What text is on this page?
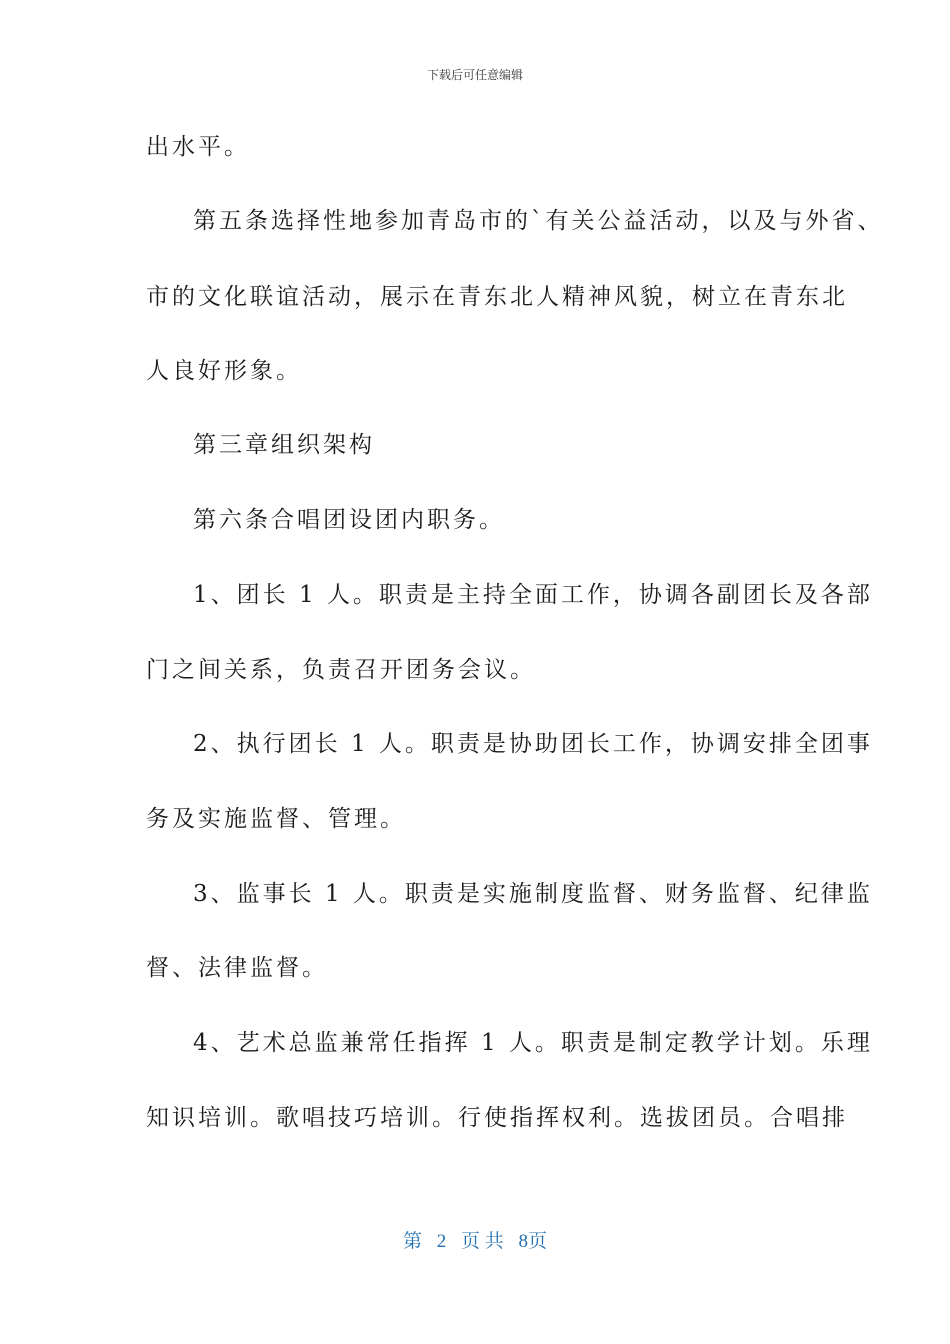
下载后可任意编辑
出水平。
第五条选择性地参加青岛市的`有关公益活动，以及与外省、
市的文化联谊活动，展示在青东北人精神风貌，树立在青东北
人良好形象。
第三章组织架构
第六条合唱团设团内职务。
1、团长 1 人。职责是主持全面工作，协调各副团长及各部
门之间关系，负责召开团务会议。
2、执行团长 1 人。职责是协助团长工作，协调安排全团事
务及实施监督、管理。
3、监事长 1 人。职责是实施制度监督、财务监督、纪律监
督、法律监督。
4、艺术总监兼常任指挥 1 人。职责是制定教学计划。乐理
知识培训。歌唱技巧培训。行使指挥权利。选拔团员。合唱排
第 2 页 共 8页
